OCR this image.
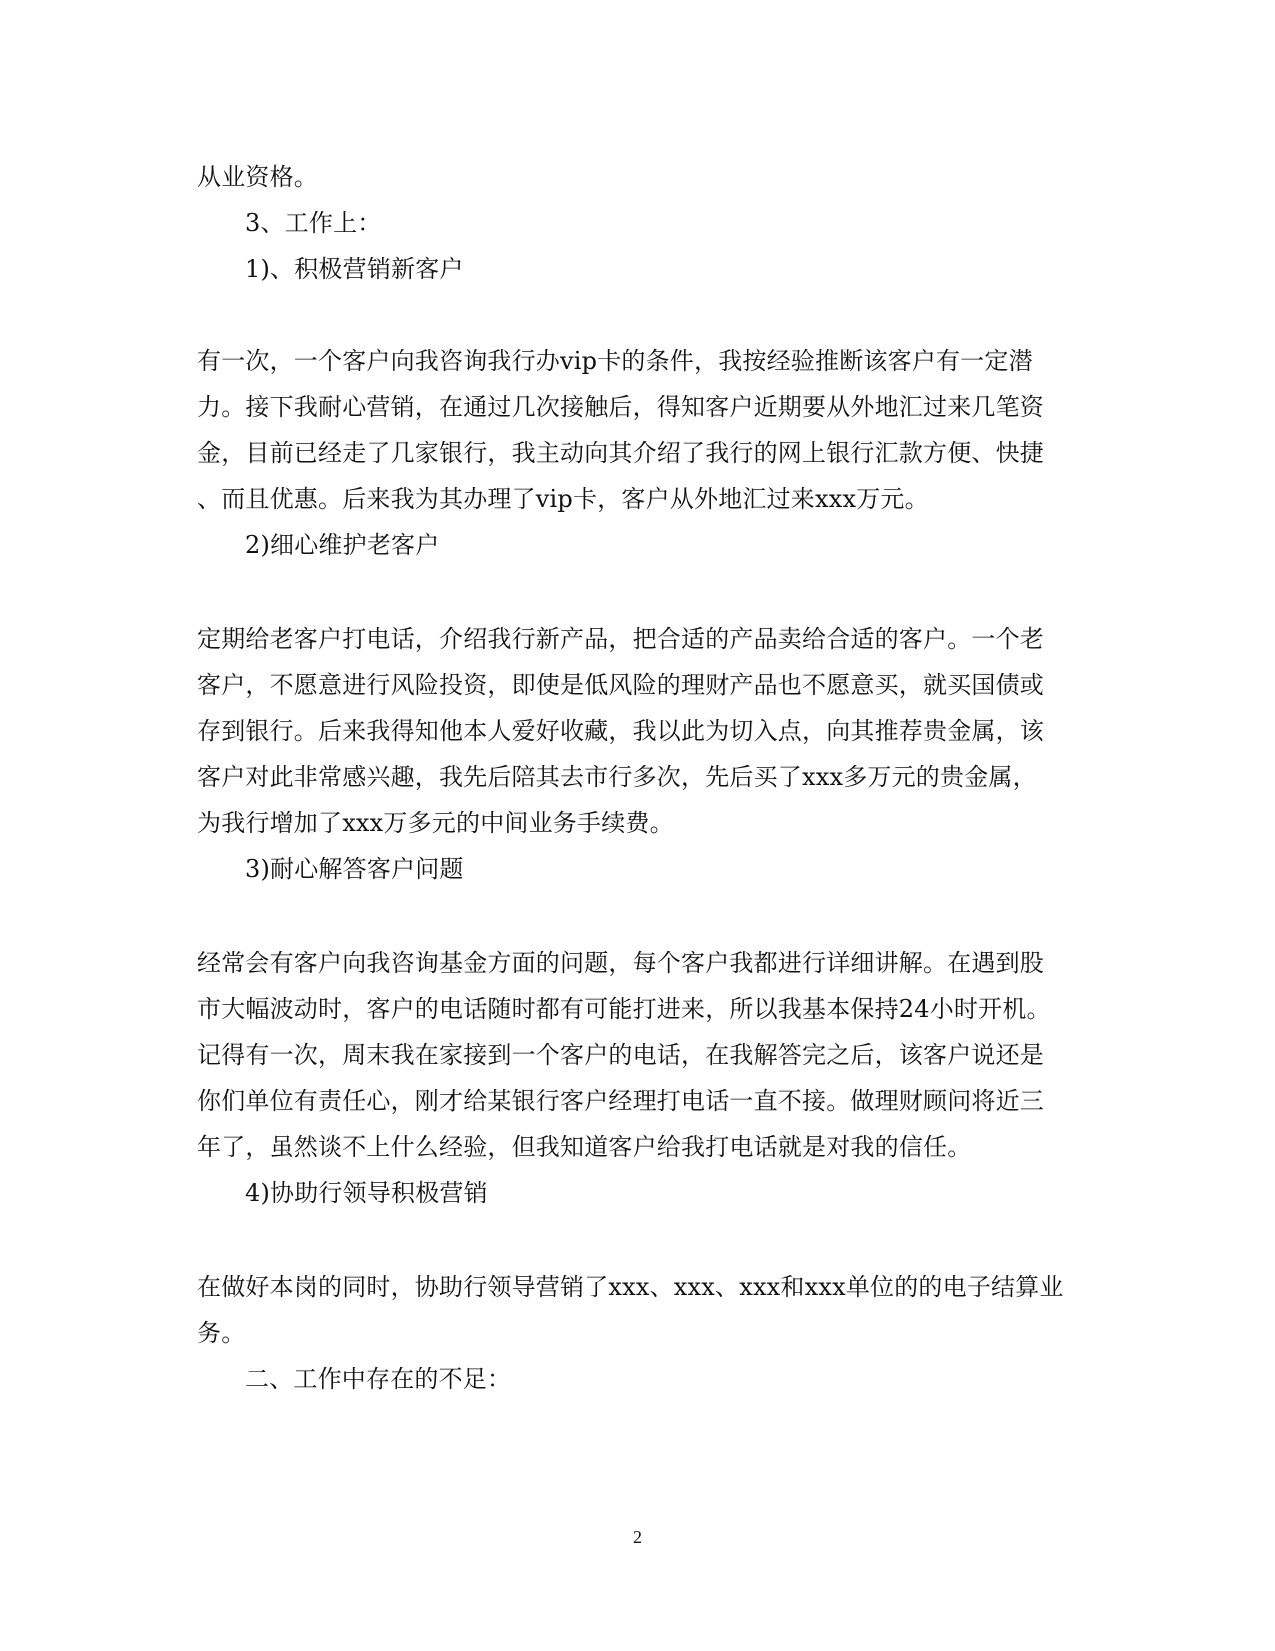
从业资格。
3、工作上：
1)、积极营销新客户
有一次，一个客户向我咨询我行办vip卡的条件，我按经验推断该客户有一定潜
力。接下我耐心营销，在通过几次接触后，得知客户近期要从外地汇过来几笔资
金，目前已经走了几家银行，我主动向其介绍了我行的网上银行汇款方便、快捷
、而且优惠。后来我为其办理了vip卡，客户从外地汇过来xxx万元。
2)细心维护老客户
定期给老客户打电话，介绍我行新产品，把合适的产品卖给合适的客户。一个老
客户，不愿意进行风险投资，即使是低风险的理财产品也不愿意买，就买国债或
存到银行。后来我得知他本人爱好收藏，我以此为切入点，向其推荐贵金属，该
客户对此非常感兴趣，我先后陪其去市行多次，先后买了xxx多万元的贵金属，
为我行增加了xxx万多元的中间业务手续费。
3)耐心解答客户问题
经常会有客户向我咨询基金方面的问题，每个客户我都进行详细讲解。在遇到股
市大幅波动时，客户的电话随时都有可能打进来，所以我基本保持24小时开机。
记得有一次，周末我在家接到一个客户的电话，在我解答完之后，该客户说还是
你们单位有责任心，刚才给某银行客户经理打电话一直不接。做理财顾问将近三
年了，虽然谈不上什么经验，但我知道客户给我打电话就是对我的信任。
4)协助行领导积极营销
在做好本岗的同时，协助行领导营销了xxx、xxx、xxx和xxx单位的的电子结算业
务。
二、工作中存在的不足：
2
